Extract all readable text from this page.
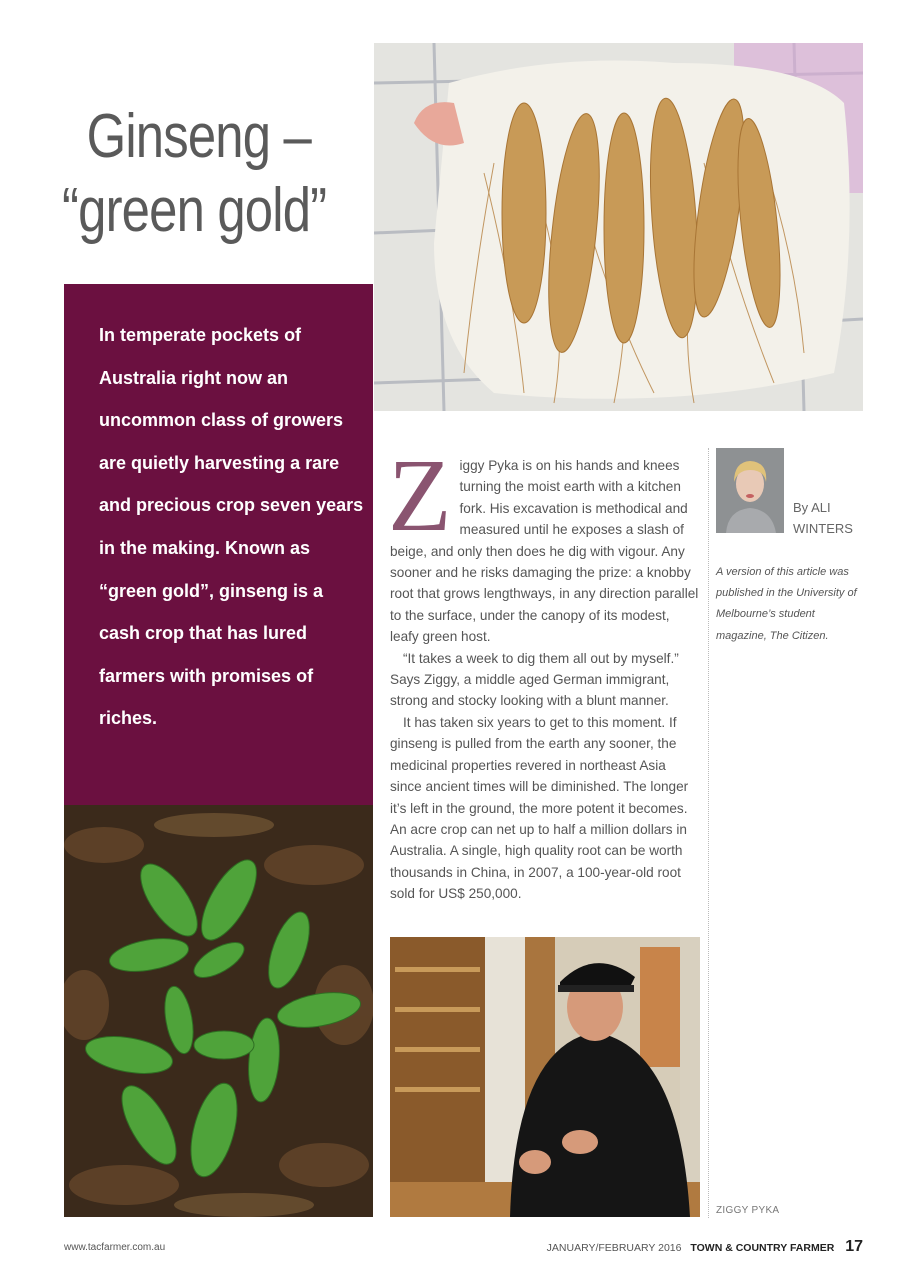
Ginseng –
“green gold”

In temperate pockets of Australia right now an uncommon class of growers are quietly harvesting a rare and precious crop seven years in the making. Known as “green gold”, ginseng is a cash crop that has lured farmers with promises of riches.

Z iggy Pyka is on his hands and knees turning the moist earth with a kitchen fork. His excavation is methodical and measured until he exposes a slash of beige, and only then does he dig with vigour. Any sooner and he risks damaging the prize: a knobby root that grows lengthways, in any direction parallel to the surface, under the canopy of its modest, leafy green host.

“It takes a week to dig them all out by myself.” Says Ziggy, a middle aged German immigrant, strong and stocky looking with a blunt manner.

It has taken six years to get to this moment. If ginseng is pulled from the earth any sooner, the medicinal properties revered in northeast Asia since ancient times will be diminished. The longer it’s left in the ground, the more potent it becomes. An acre crop can net up to half a million dollars in Australia. A single, high quality root can be worth thousands in China, in 2007, a 100-year-old root sold for US$ 250,000.

By ALI WINTERS
A version of this article was published in the University of Melbourne’s student magazine, The Citizen.
ZIGGY PYKA
www.tacfarmer.com.au	JANUARY/FEBRUARY 2016 TOWN & COUNTRY FARMER 17
